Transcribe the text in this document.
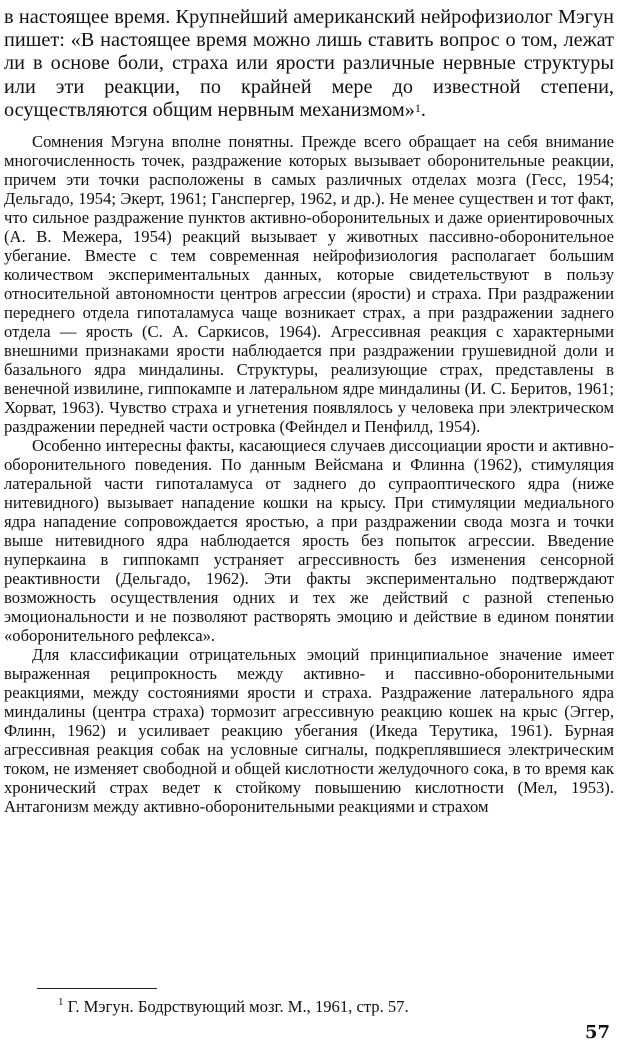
в настоящее время. Крупнейший американский нейрофизиолог Мэгун пишет: «В настоящее время можно лишь ставить вопрос о том, лежат ли в основе боли, страха или ярости различные нервные структуры или эти реакции, по крайней мере до известной степени, осуществляются общим нервным механизмом»$^1$.

Сомнения Мэгуна вполне понятны. Прежде всего обращает на себя внимание многочисленность точек, раздражение которых вызывает оборонительные реакции, причем эти точки расположены в самых различных отделах мозга (Гесс, 1954; Дельгадо, 1954; Экерт, 1961; Ганспергер, 1962, и др.). Не менее существен и тот факт, что сильное раздражение пунктов активно-оборонительных и даже ориентировочных (А. В. Межера, 1954) реакций вызывает у животных пассивно-оборонительное убегание. Вместе с тем современная нейрофизиология располагает большим количеством экспериментальных данных, которые свидетельствуют в пользу относительной автономности центров агрессии (ярости) и страха. При раздражении переднего отдела гипоталамуса чаще возникает страх, а при раздражении заднего отдела — ярость (С. А. Саркисов, 1964). Агрессивная реакция с характерными внешними признаками ярости наблюдается при раздражении грушевидной доли и базального ядра миндалины. Структуры, реализующие страх, представлены в венечной извилине, гиппокампе и латеральном ядре миндалины (И. С. Беритов, 1961; Хорват, 1963). Чувство страха и угнетения появлялось у человека при электрическом раздражении передней части островка (Фейндел и Пенфилд, 1954).

Особенно интересны факты, касающиеся случаев диссоциации ярости и активно-оборонительного поведения. По данным Вейсмана и Флинна (1962), стимуляция латеральной части гипоталамуса от заднего до супраоптического ядра (ниже нитевидного) вызывает нападение кошки на крысу. При стимуляции медиального ядра нападение сопровождается яростью, а при раздражении свода мозга и точки выше нитевидного ядра наблюдается ярость без попыток агрессии. Введение нуперкаина в гиппокамп устраняет агрессивность без изменения сенсорной реактивности (Дельгадо, 1962). Эти факты экспериментально подтверждают возможность осуществления одних и тех же действий с разной степенью эмоциональности и не позволяют растворять эмоцию и действие в едином понятии «оборонительного рефлекса».

Для классификации отрицательных эмоций принципиальное значение имеет выраженная реципрокность между активно- и пассивно-оборонительными реакциями, между состояниями ярости и страха. Раздражение латерального ядра миндалины (центра страха) тормозит агрессивную реакцию кошек на крыс (Эггер, Флинн, 1962) и усиливает реакцию убегания (Икеда Терутика, 1961). Бурная агрессивная реакция собак на условные сигналы, подкреплявшиеся электрическим током, не изменяет свободной и общей кислотности желудочного сока, в то время как хронический страх ведет к стойкому повышению кислотности (Мел, 1953). Антагонизм между активно-оборонительными реакциями и страхом

$^1$ Г. Мэгун. Бодрствующий мозг. М., 1961, стр. 57.
57
